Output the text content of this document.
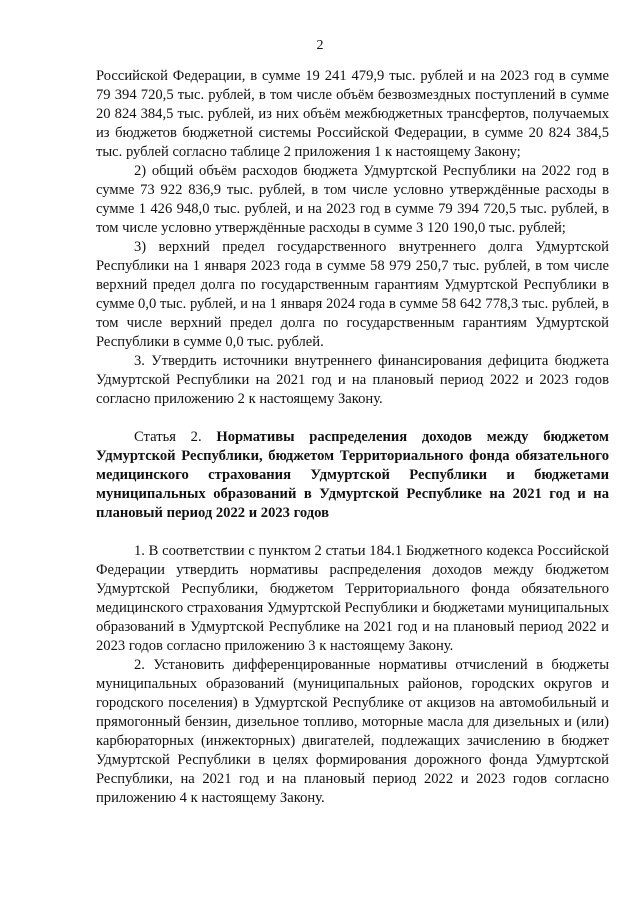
2

Российской Федерации, в сумме 19 241 479,9 тыс. рублей и на 2023 год в сумме 79 394 720,5 тыс. рублей, в том числе объём безвозмездных поступлений в сумме 20 824 384,5 тыс. рублей, из них объём межбюджетных трансфертов, получаемых из бюджетов бюджетной системы Российской Федерации, в сумме 20 824 384,5 тыс. рублей согласно таблице 2 приложения 1 к настоящему Закону;

2) общий объём расходов бюджета Удмуртской Республики на 2022 год в сумме 73 922 836,9 тыс. рублей, в том числе условно утверждённые расходы в сумме 1 426 948,0 тыс. рублей, и на 2023 год в сумме 79 394 720,5 тыс. рублей, в том числе условно утверждённые расходы в сумме 3 120 190,0 тыс. рублей;

3) верхний предел государственного внутреннего долга Удмуртской Республики на 1 января 2023 года в сумме 58 979 250,7 тыс. рублей, в том числе верхний предел долга по государственным гарантиям Удмуртской Республики в сумме 0,0 тыс. рублей, и на 1 января 2024 года в сумме 58 642 778,3 тыс. рублей, в том числе верхний предел долга по государственным гарантиям Удмуртской Республики в сумме 0,0 тыс. рублей.

3. Утвердить источники внутреннего финансирования дефицита бюджета Удмуртской Республики на 2021 год и на плановый период 2022 и 2023 годов согласно приложению 2 к настоящему Закону.

Статья 2. Нормативы распределения доходов между бюджетом Удмуртской Республики, бюджетом Территориального фонда обязательного медицинского страхования Удмуртской Республики и бюджетами муниципальных образований в Удмуртской Республике на 2021 год и на плановый период 2022 и 2023 годов

1. В соответствии с пунктом 2 статьи 184.1 Бюджетного кодекса Российской Федерации утвердить нормативы распределения доходов между бюджетом Удмуртской Республики, бюджетом Территориального фонда обязательного медицинского страхования Удмуртской Республики и бюджетами муниципальных образований в Удмуртской Республике на 2021 год и на плановый период 2022 и 2023 годов согласно приложению 3 к настоящему Закону.

2. Установить дифференцированные нормативы отчислений в бюджеты муниципальных образований (муниципальных районов, городских округов и городского поселения) в Удмуртской Республике от акцизов на автомобильный и прямогонный бензин, дизельное топливо, моторные масла для дизельных и (или) карбюраторных (инжекторных) двигателей, подлежащих зачислению в бюджет Удмуртской Республики в целях формирования дорожного фонда Удмуртской Республики, на 2021 год и на плановый период 2022 и 2023 годов согласно приложению 4 к настоящему Закону.
